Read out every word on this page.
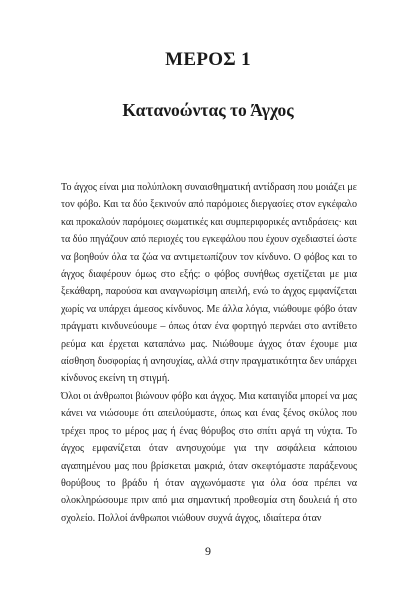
ΜΕΡΟΣ 1
Κατανοώντας το Άγχος
Το άγχος είναι μια πολύπλοκη συναισθηματική αντίδραση που μοιάζει με
τον φόβο. Και τα δύο ξεκινούν από παρόμοιες διεργασίες στον εγκέφαλο
και προκαλούν παρόμοιες σωματικές και συμπεριφορικές αντιδράσεις· και
τα δύο πηγάζουν από περιοχές του εγκεφάλου που έχουν σχεδιαστεί ώστε
να βοηθούν όλα τα ζώα να αντιμετωπίζουν τον κίνδυνο. Ο φόβος και το
άγχος διαφέρουν όμως στο εξής: ο φόβος συνήθως σχετίζεται με μια
ξεκάθαρη, παρούσα και αναγνωρίσιμη απειλή, ενώ το άγχος εμφανίζεται
χωρίς να υπάρχει άμεσος κίνδυνος. Με άλλα λόγια, νιώθουμε φόβο όταν
πράγματι κινδυνεύουμε – όπως όταν ένα φορτηγό περνάει στο αντίθετο
ρεύμα και έρχεται καταπάνω μας. Νιώθουμε άγχος όταν έχουμε μια
αίσθηση δυσφορίας ή ανησυχίας, αλλά στην πραγματικότητα δεν υπάρχει
κίνδυνος εκείνη τη στιγμή.
Όλοι οι άνθρωποι βιώνουν φόβο και άγχος. Μια καταιγίδα μπορεί να μας
κάνει να νιώσουμε ότι απειλούμαστε, όπως και ένας ξένος σκύλος που
τρέχει προς το μέρος μας ή ένας θόρυβος στο σπίτι αργά τη νύχτα. Το
άγχος εμφανίζεται όταν ανησυχούμε για την ασφάλεια κάποιου
αγαπημένου μας που βρίσκεται μακριά, όταν σκεφτόμαστε παράξενους
θορύβους το βράδυ ή όταν αγχωνόμαστε για όλα όσα πρέπει να
ολοκληρώσουμε πριν από μια σημαντική προθεσμία στη δουλειά ή στο
σχολείο. Πολλοί άνθρωποι νιώθουν συχνά άγχος, ιδιαίτερα όταν
9
